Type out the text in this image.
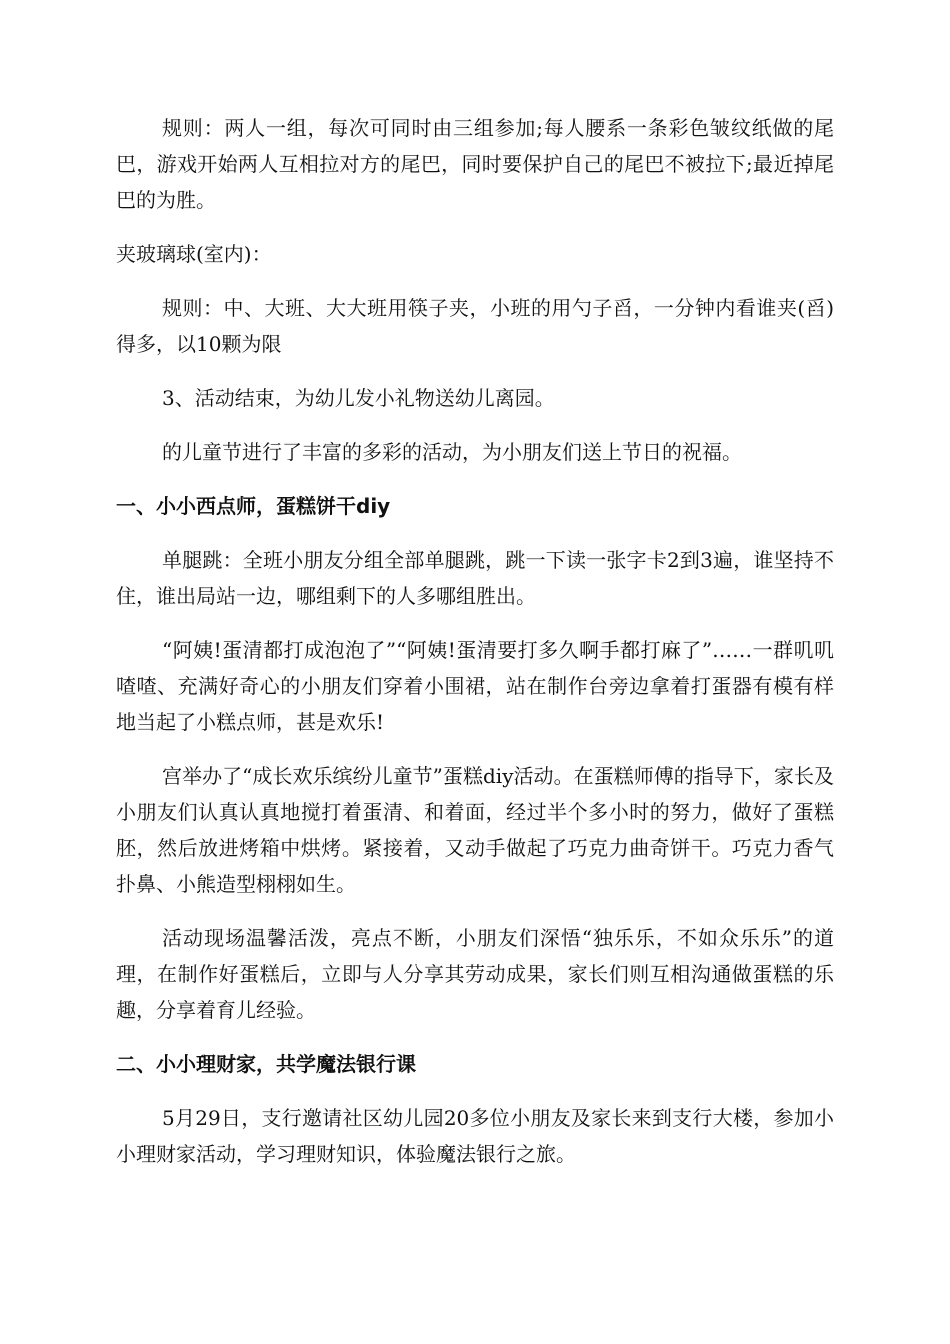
规则：两人一组，每次可同时由三组参加;每人腰系一条彩色皱纹纸做的尾巴，游戏开始两人互相拉对方的尾巴，同时要保护自己的尾巴不被拉下;最近掉尾巴的为胜。

夹玻璃球(室内)：

规则：中、大班、大大班用筷子夹，小班的用勺子舀，一分钟内看谁夹(舀)得多，以10颗为限

3、活动结束，为幼儿发小礼物送幼儿离园。

的儿童节进行了丰富的多彩的活动，为小朋友们送上节日的祝福。

一、小小西点师，蛋糕饼干diy

单腿跳：全班小朋友分组全部单腿跳，跳一下读一张字卡2到3遍，谁坚持不住，谁出局站一边，哪组剩下的人多哪组胜出。

“阿姨!蛋清都打成泡泡了”“阿姨!蛋清要打多久啊手都打麻了”……一群叽叽喳喳、充满好奇心的小朋友们穿着小围裙，站在制作台旁边拿着打蛋器有模有样地当起了小糕点师，甚是欢乐!

宫举办了“成长欢乐缤纷儿童节”蛋糕diy活动。在蛋糕师傅的指导下，家长及小朋友们认真认真地搅打着蛋清、和着面，经过半个多小时的努力，做好了蛋糕胚，然后放进烤箱中烘烤。紧接着，又动手做起了巧克力曲奇饼干。巧克力香气扑鼻、小熊造型栩栩如生。

活动现场温馨活泼，亮点不断，小朋友们深悟“独乐乐，不如众乐乐”的道理，在制作好蛋糕后，立即与人分享其劳动成果，家长们则互相沟通做蛋糕的乐趣，分享着育儿经验。

二、小小理财家，共学魔法银行课

5月29日，支行邀请社区幼儿园20多位小朋友及家长来到支行大楼，参加小小理财家活动，学习理财知识，体验魔法银行之旅。
